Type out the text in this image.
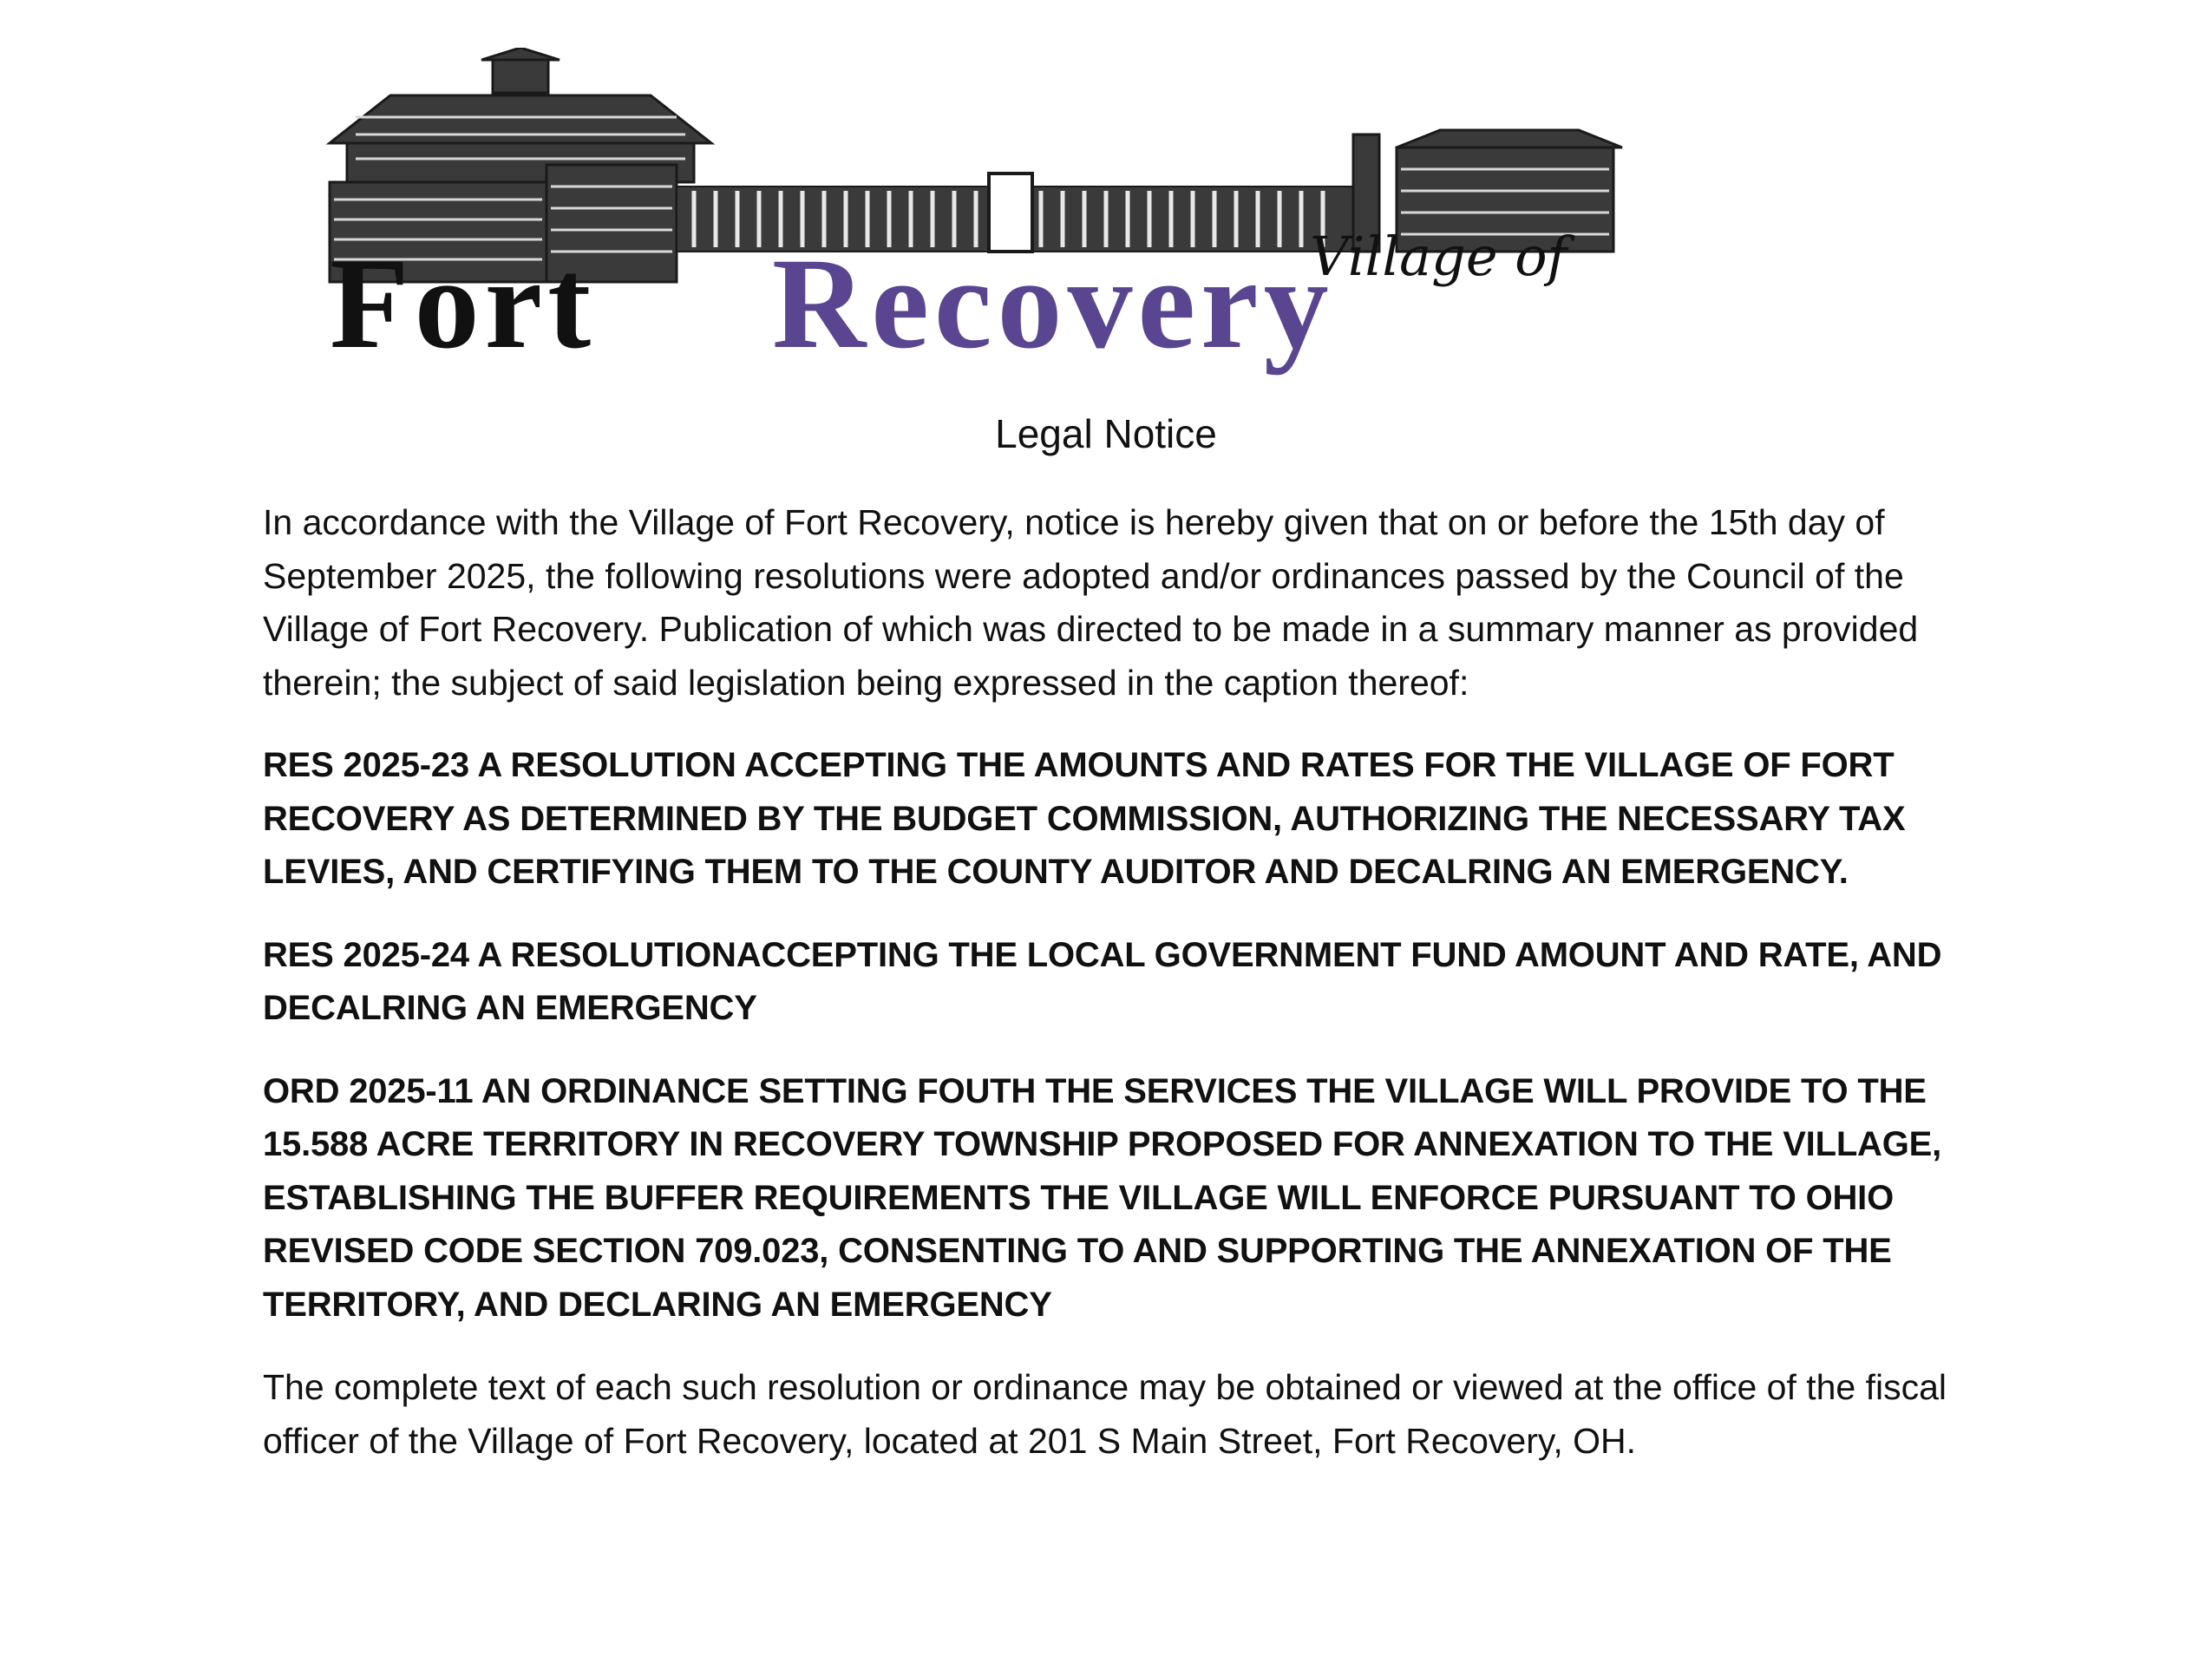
Village of
Fort Recovery
Legal Notice

In accordance with the Village of Fort Recovery, notice is hereby given that on or before the 15th day of September 2025, the following resolutions were adopted and/or ordinances passed by the Council of the Village of Fort Recovery. Publication of which was directed to be made in a summary manner as provided therein; the subject of said legislation being expressed in the caption thereof:

RES 2025-23 A RESOLUTION ACCEPTING THE AMOUNTS AND RATES FOR THE VILLAGE OF FORT RECOVERY AS DETERMINED BY THE BUDGET COMMISSION, AUTHORIZING THE NECESSARY TAX LEVIES, AND CERTIFYING THEM TO THE COUNTY AUDITOR AND DECALRING AN EMERGENCY.

RES 2025-24 A RESOLUTIONACCEPTING THE LOCAL GOVERNMENT FUND AMOUNT AND RATE, AND DECALRING AN EMERGENCY

ORD 2025-11 AN ORDINANCE SETTING FOUTH THE SERVICES THE VILLAGE WILL PROVIDE TO THE 15.588 ACRE TERRITORY IN RECOVERY TOWNSHIP PROPOSED FOR ANNEXATION TO THE VILLAGE, ESTABLISHING THE BUFFER REQUIREMENTS THE VILLAGE WILL ENFORCE PURSUANT TO OHIO REVISED CODE SECTION 709.023, CONSENTING TO AND SUPPORTING THE ANNEXATION OF THE TERRITORY, AND DECLARING AN EMERGENCY

The complete text of each such resolution or ordinance may be obtained or viewed at the office of the fiscal officer of the Village of Fort Recovery, located at 201 S Main Street, Fort Recovery, OH.
